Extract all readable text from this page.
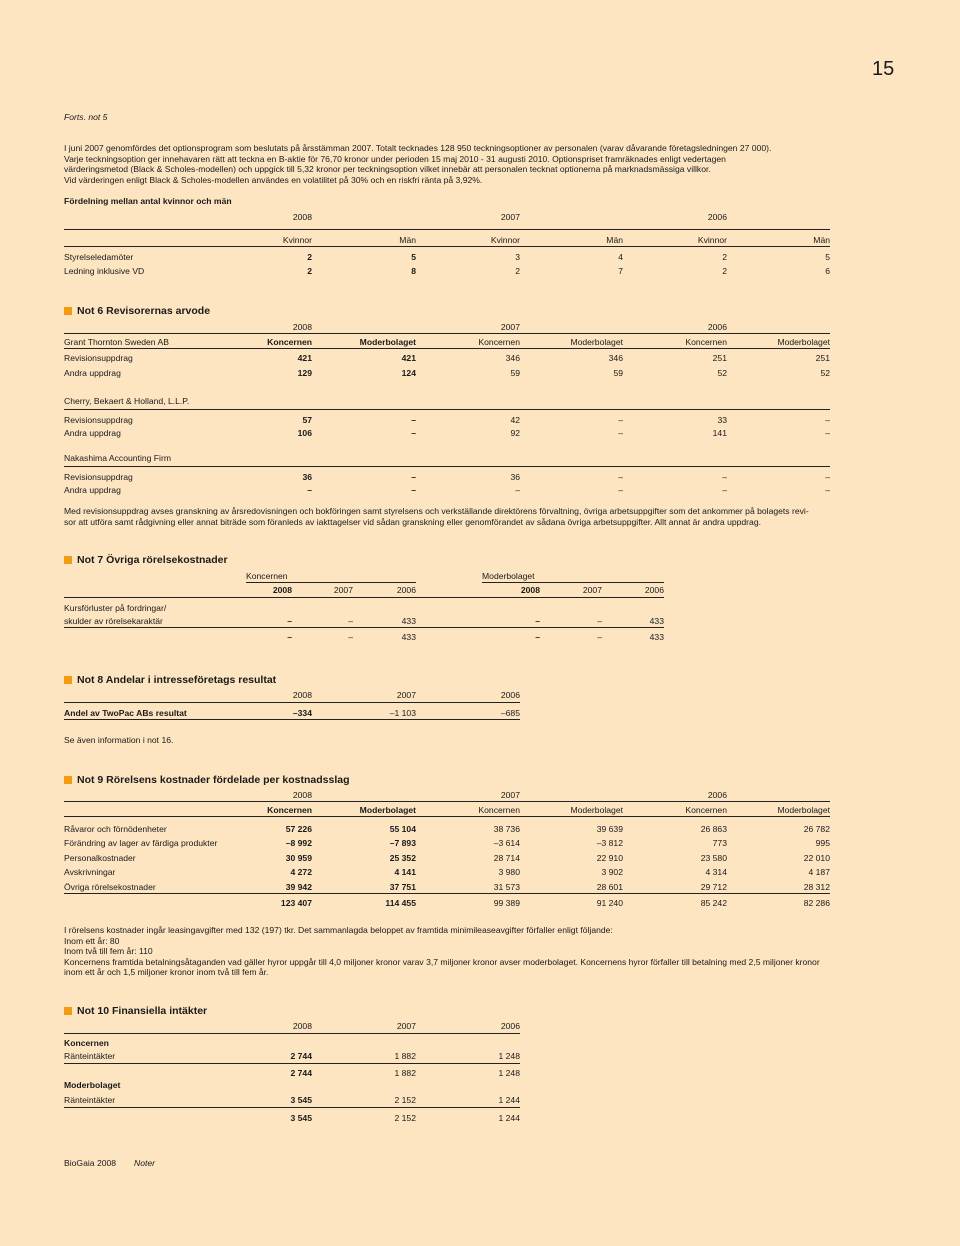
15
Forts. not 5
I juni 2007 genomfördes det optionsprogram som beslutats på årsstämman 2007. Totalt tecknades 128 950 teckningsoptioner av personalen (varav dåvarande företagsledningen 27 000).
Varje teckningsoption ger innehavaren rätt att teckna en B-aktie för 76,70 kronor under perioden 15 maj 2010 - 31 augusti 2010. Optionspriset framräknades enligt vedertagen
värderingsmetod (Black & Scholes-modellen) och uppgick till 5,32 kronor per teckningsoption vilket innebär att personalen tecknat optionerna på marknadsmässiga villkor.
Vid värderingen enligt Black & Scholes-modellen användes en volatilitet på 30% och en riskfri ränta på 3,92%.
Fördelning mellan antal kvinnor och män
2008	2007	2006
Kvinnor	Män	Kvinnor	Män	Kvinnor	Män
Styrelseledamöter	2	5	3	4	2	5
Ledning inklusive VD	2	8	2	7	2	6
Not 6 Revisorernas arvode
2008	2007	2006
Grant Thornton Sweden AB	Koncernen	Moderbolaget	Koncernen	Moderbolaget	Koncernen	Moderbolaget
Revisionsuppdrag	421	421	346	346	251	251
Andra uppdrag	129	124	59	59	52	52
Cherry, Bekaert & Holland, L.L.P.
Revisionsuppdrag	57	–	42	–	33	–
Andra uppdrag	106	–	92	–	141	–
Nakashima Accounting Firm
Revisionsuppdrag	36	–	36	–	–	–
Andra uppdrag	–	–	–	–	–	–
Med revisionsuppdrag avses granskning av årsredovisningen och bokföringen samt styrelsens och verkställande direktörens förvaltning, övriga arbetsuppgifter som det ankommer på bolagets revi-
sor att utföra samt rådgivning eller annat biträde som föranleds av iakttagelser vid sådan granskning eller genomförandet av sådana övriga arbetsuppgifter. Allt annat är andra uppdrag.
Not 7 Övriga rörelsekostnader
Koncernen	Moderbolaget
2008	2007	2006	2008	2007	2006
Kursförluster på fordringar/
skulder av rörelsekaraktär	–	–	433	–	–	433
–	–	433	–	–	433
Not 8 Andelar i intresseföretags resultat
2008	2007	2006
Andel av TwoPac ABs resultat	–334	–1 103	–685
Se även information i not 16.
Not 9 Rörelsens kostnader fördelade per kostnadsslag
2008	2007	2006
Koncernen	Moderbolaget	Koncernen	Moderbolaget	Koncernen	Moderbolaget
Råvaror och förnödenheter	57 226	55 104	38 736	39 639	26 863	26 782
Förändring av lager av färdiga produkter	–8 992	–7 893	–3 614	–3 812	773	995
Personalkostnader	30 959	25 352	28 714	22 910	23 580	22 010
Avskrivningar	4 272	4 141	3 980	3 902	4 314	4 187
Övriga rörelsekostnader	39 942	37 751	31 573	28 601	29 712	28 312
123 407	114 455	99 389	91 240	85 242	82 286
I rörelsens kostnader ingår leasingavgifter med 132 (197) tkr. Det sammanlagda beloppet av framtida minimileaseavgifter förfaller enligt följande:
Inom ett år: 80
Inom två till fem år: 110
Koncernens framtida betalningsåtaganden vad gäller hyror uppgår till 4,0 miljoner kronor varav 3,7 miljoner kronor avser moderbolaget. Koncernens hyror förfaller till betalning med 2,5 miljoner kronor
inom ett år och 1,5 miljoner kronor inom två till fem år.
Not 10 Finansiella intäkter
2008	2007	2006
Koncernen
Ränteintäkter	2 744	1 882	1 248
2 744	1 882	1 248
Moderbolaget
Ränteintäkter	3 545	2 152	1 244
3 545	2 152	1 244
BioGaia 2008 Noter
